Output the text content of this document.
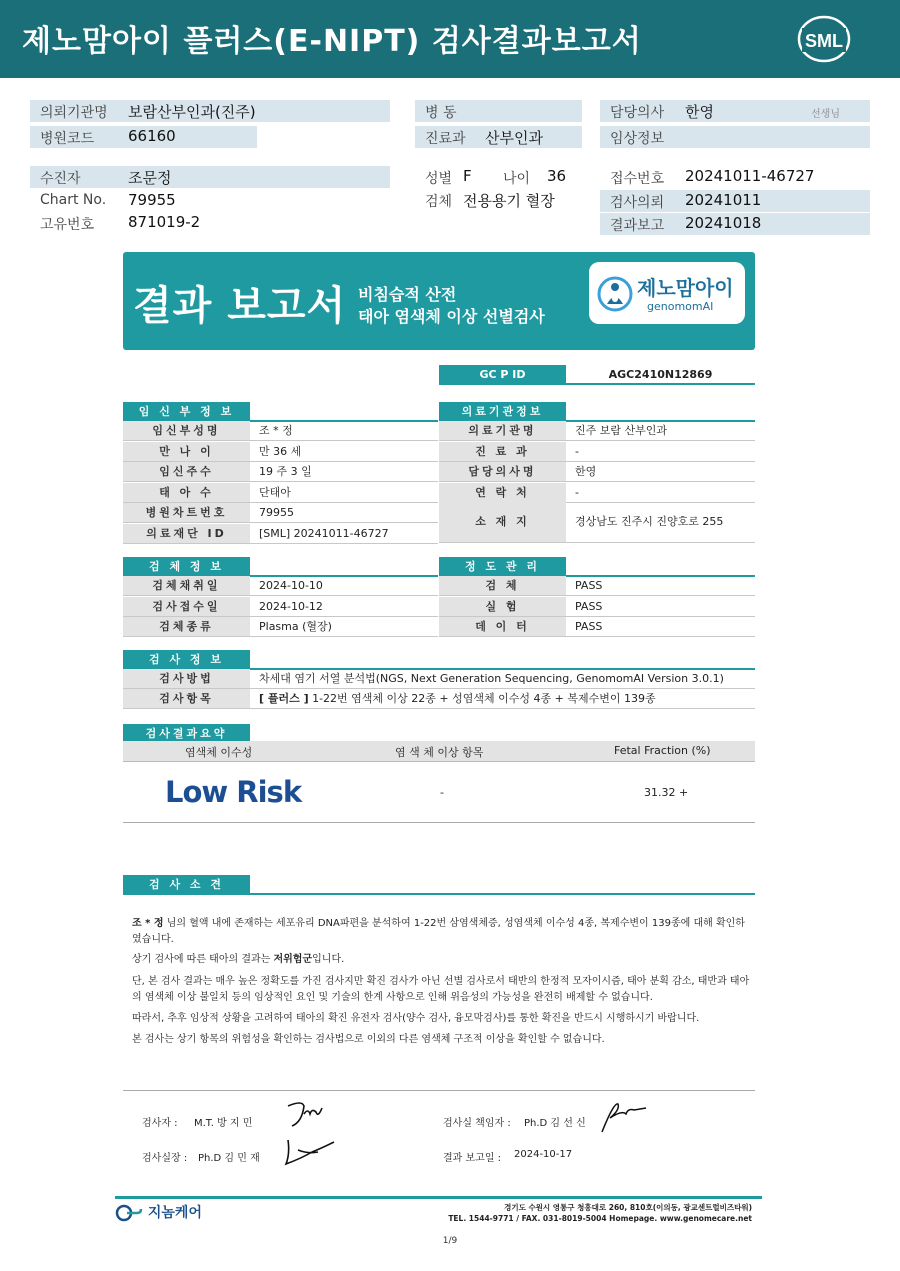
제노맘아이 플러스(E-NIPT) 검사결과보고서	SML
의뢰기관명 보람산부인과(진주)
병원코드 66160
병 동
진료과 산부인과
담당의사 한영	선생님
임상정보
수진자	조문정
Chart No. 79955
고유번호 871019-2
성별 F 나이 36
검체 전용용기 혈장
접수번호 20241011-46727
검사의뢰 20241011
결과보고 20241018
결과 보고서 비침습적 산전
태아 염색체 이상 선별검사
제노맘아이
genomomAI
GC P ID	AGC2410N12869
임 신 부 정 보
임신부성명	조 * 정
만 나 이	만 36 세
임신주수	19 주 3 일
태 아 수	단태아
병원차트번호	79955
의료재단 ID	[SML] 20241011-46727
의료기관정보
의료기관명	진주 보람 산부인과
진 료 과	-
담당의사명	한영
연 락 처	-
소 재 지	경상남도 진주시 진양호로 255
검 체 정 보
검체채취일	2024-10-10
검사접수일	2024-10-12
검체종류	Plasma (혈장)
정 도 관 리
검 체	PASS
실 험	PASS
데 이 터	PASS
검 사 정 보
검사방법	차세대 염기 서열 분석법(NGS, Next Generation Sequencing, GenomomAI Version 3.0.1)
검사항목	[ 플러스 ] 1-22번 염색체 이상 22종 + 성염색체 이수성 4종 + 복제수변이 139종
검사결과요약
염색체 이수성	염 색 체 이상 항목	Fetal Fraction (%)
Low Risk	-	31.32 +
검 사 소 견
조 * 정 님의 혈액 내에 존재하는 세포유리 DNA파편을 분석하여 1-22번 삼염색체증, 성염색체 이수성 4종, 복제수변이 139종에 대해 확인하였습니다.
상기 검사에 따른 태아의 결과는 저위험군입니다.
단, 본 검사 결과는 매우 높은 정확도를 가진 검사지만 확진 검사가 아닌 선별 검사로서 태반의 한정적 모자이시즘, 태아 분획 감소, 태반과 태아의 염색체 이상 불일치 등의 임상적인 요인 및 기술의 한계 사항으로 인해 위음성의 가능성을 완전히 배제할 수 없습니다.
따라서, 추후 임상적 상황을 고려하여 태아의 확진 유전자 검사(양수 검사, 융모막검사)를 통한 확진을 반드시 시행하시기 바랍니다.
본 검사는 상기 항목의 위험성을 확인하는 검사법으로 이외의 다른 염색체 구조적 이상을 확인할 수 없습니다.
검사자 : M.T. 방 지 민	검사실 책임자 : Ph.D 김 선 신
검사실장 : Ph.D 김 민 재	결과 보고일 : 2024-10-17
지놈케어	경기도 수원시 영통구 청흥대로 260, 810호(이의동, 광교센트럴비즈타워)
TEL. 1544-9771 / FAX. 031-8019-5004 Homepage. www.genomecare.net
1/9
